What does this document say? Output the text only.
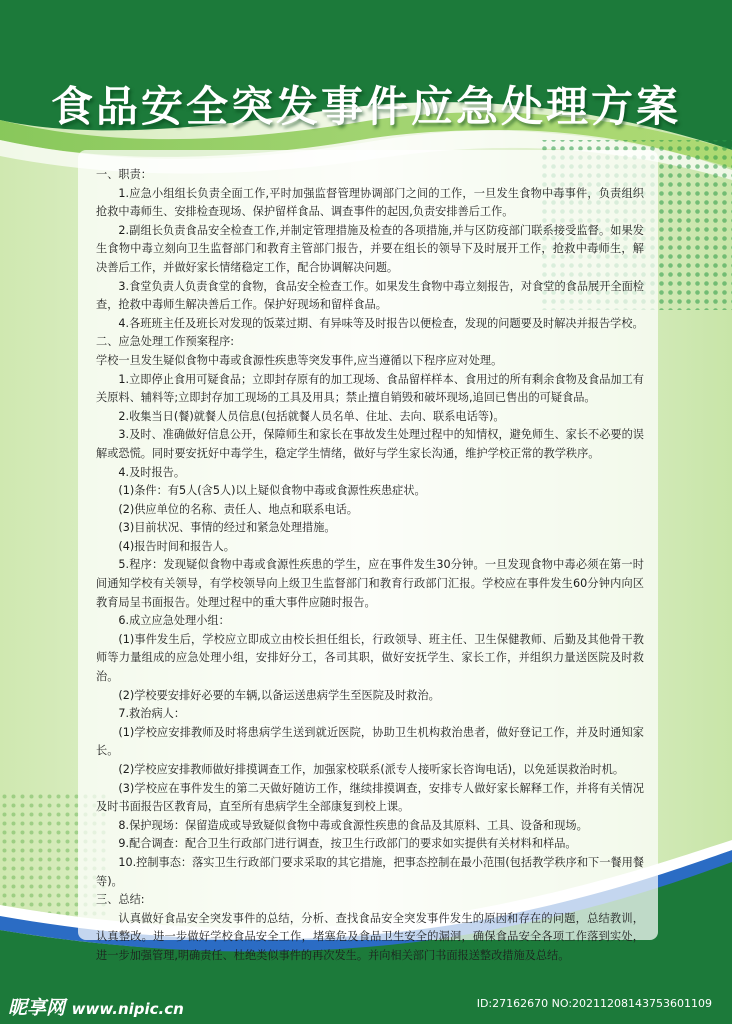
食品安全突发事件应急处理方案

一、职责：

1.应急小组组长负责全面工作,平时加强监督管理协调部门之间的工作，一旦发生食物中毒事件，负责组织抢救中毒师生、安排检查现场、保护留样食品、调查事件的起因,负责安排善后工作。

2.副组长负责食品安全检查工作,并制定管理措施及检查的各项措施,并与区防疫部门联系接受监督。如果发生食物中毒立刻向卫生监督部门和教育主管部门报告，并要在组长的领导下及时展开工作，抢救中毒师生，解决善后工作，并做好家长情绪稳定工作，配合协调解决问题。

3.食堂负责人负责食堂的食物，食品安全检查工作。如果发生食物中毒立刻报告，对食堂的食品展开全面检查，抢救中毒师生解决善后工作。保护好现场和留样食品。

4.各班班主任及班长对发现的饭菜过期、有异味等及时报告以便检查，发现的问题要及时解决并报告学校。

二、应急处理工作预案程序:

学校一旦发生疑似食物中毒或食源性疾患等突发事件,应当遵循以下程序应对处理。

1.立即停止食用可疑食品；立即封存原有的加工现场、食品留样样本、食用过的所有剩余食物及食品加工有关原料、辅料等;立即封存加工现场的工具及用具；禁止擅自销毁和破坏现场,追回已售出的可疑食品。

2.收集当日(餐)就餐人员信息(包括就餐人员名单、住址、去向、联系电话等)。

3.及时、准确做好信息公开，保障师生和家长在事故发生处理过程中的知情权，避免师生、家长不必要的误解或恐慌。同时要安抚好中毒学生，稳定学生情绪，做好与学生家长沟通，维护学校正常的教学秩序。

4.及时报告。

(1)条件：有5人(含5人)以上疑似食物中毒或食源性疾患症状。

(2)供应单位的名称、责任人、地点和联系电话。

(3)目前状况、事情的经过和紧急处理措施。

(4)报告时间和报告人。

5.程序：发现疑似食物中毒或食源性疾患的学生，应在事件发生30分钟。一旦发现食物中毒必须在第一时间通知学校有关领导，有学校领导向上级卫生监督部门和教育行政部门汇报。学校应在事件发生60分钟内向区教育局呈书面报告。处理过程中的重大事件应随时报告。

6.成立应急处理小组：

(1)事件发生后，学校应立即成立由校长担任组长，行政领导、班主任、卫生保健教师、后勤及其他骨干教师等力量组成的应急处理小组，安排好分工，各司其职，做好安抚学生、家长工作，并组织力量送医院及时救治。

(2)学校要安排好必要的车辆,以备运送患病学生至医院及时救治。

7.救治病人：

(1)学校应安排教师及时将患病学生送到就近医院，协助卫生机构救治患者，做好登记工作，并及时通知家长。

(2)学校应安排教师做好排摸调查工作，加强家校联系(派专人接听家长咨询电话)，以免延误救治时机。

(3)学校应在事件发生的第二天做好随访工作，继续排摸调查，安排专人做好家长解释工作，并将有关情况及时书面报告区教育局，直至所有患病学生全部康复到校上课。

8.保护现场：保留造成或导致疑似食物中毒或食源性疾患的食品及其原料、工具、设备和现场。

9.配合调查：配合卫生行政部门进行调查，按卫生行政部门的要求如实提供有关材料和样品。

10.控制事态：落实卫生行政部门要求采取的其它措施，把事态控制在最小范围(包括教学秩序和下一餐用餐等)。

三、总结:

认真做好食品安全突发事件的总结，分析、查找食品安全突发事件发生的原因和存在的问题，总结教训，认真整改。进一步做好学校食品安全工作，堵塞危及食品卫生安全的漏洞，确保食品安全各项工作落到实处，进一步加强管理,明确责任、杜绝类似事件的再次发生。并向相关部门书面报送整改措施及总结。

昵享网 www.nipic.cn	ID:27162670 NO:20211208143753601109
